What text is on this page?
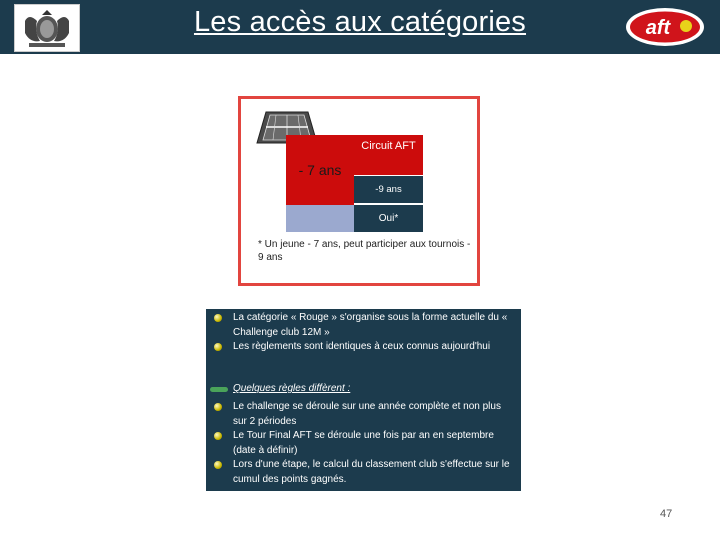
Les accès aux catégories	aft
- 7 ans
Circuit AFT
-9 ans
Oui*
* Un jeune - 7 ans, peut participer aux tournois - 9 ans
La catégorie « Rouge » s'organise sous la forme actuelle du « Challenge club 12M »
Les règlements sont identiques à ceux connus aujourd'hui
Quelques règles diffèrent :
Le challenge se déroule sur une année complète et non plus sur 2 périodes
Le Tour Final AFT se déroule une fois par an en septembre (date à définir)
Lors d'une étape, le calcul du classement club s'effectue sur le cumul des points gagnés.
47
